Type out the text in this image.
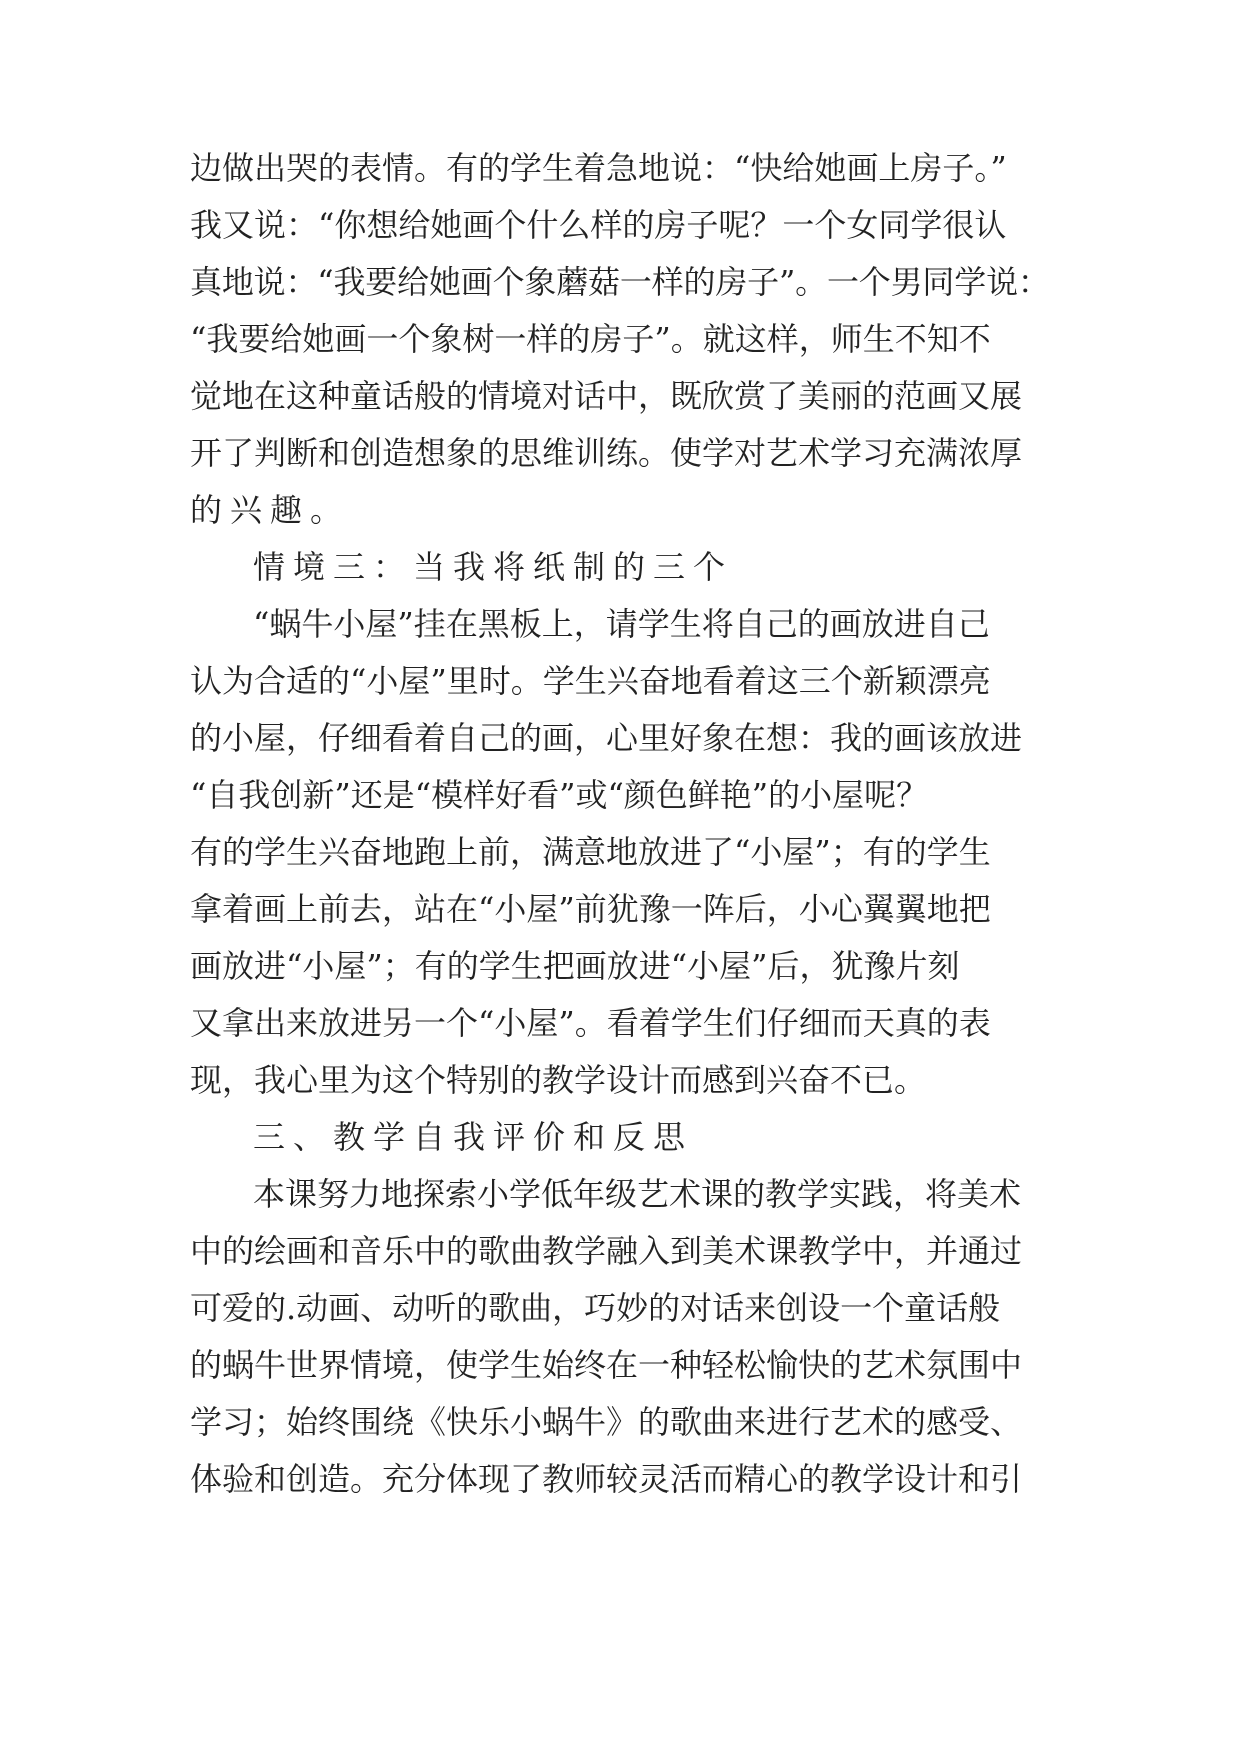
边做出哭的表情。有的学生着急地说：“快给她画上房子。”
我又说：“你想给她画个什么样的房子呢？一个女同学很认
真地说：“我要给她画个象蘑菇一样的房子”。一个男同学说：
“我要给她画一个象树一样的房子”。就这样，师生不知不
觉地在这种童话般的情境对话中，既欣赏了美丽的范画又展
开了判断和创造想象的思维训练。使学对艺术学习充满浓厚
的兴趣。
情境三：当我将纸制的三个
“蜗牛小屋”挂在黑板上，请学生将自己的画放进自己
认为合适的“小屋”里时。学生兴奋地看着这三个新颖漂亮
的小屋，仔细看着自己的画，心里好象在想：我的画该放进
“自我创新”还是“模样好看”或“颜色鲜艳”的小屋呢？
有的学生兴奋地跑上前，满意地放进了“小屋”；有的学生
拿着画上前去，站在“小屋”前犹豫一阵后，小心翼翼地把
画放进“小屋”；有的学生把画放进“小屋”后，犹豫片刻
又拿出来放进另一个“小屋”。看着学生们仔细而天真的表
现，我心里为这个特别的教学设计而感到兴奋不已。
三、教学自我评价和反思
本课努力地探索小学低年级艺术课的教学实践，将美术
中的绘画和音乐中的歌曲教学融入到美术课教学中，并通过
可爱的.动画、动听的歌曲，巧妙的对话来创设一个童话般
的蜗牛世界情境，使学生始终在一种轻松愉快的艺术氛围中
学习；始终围绕《快乐小蜗牛》的歌曲来进行艺术的感受、
体验和创造。充分体现了教师较灵活而精心的教学设计和引
